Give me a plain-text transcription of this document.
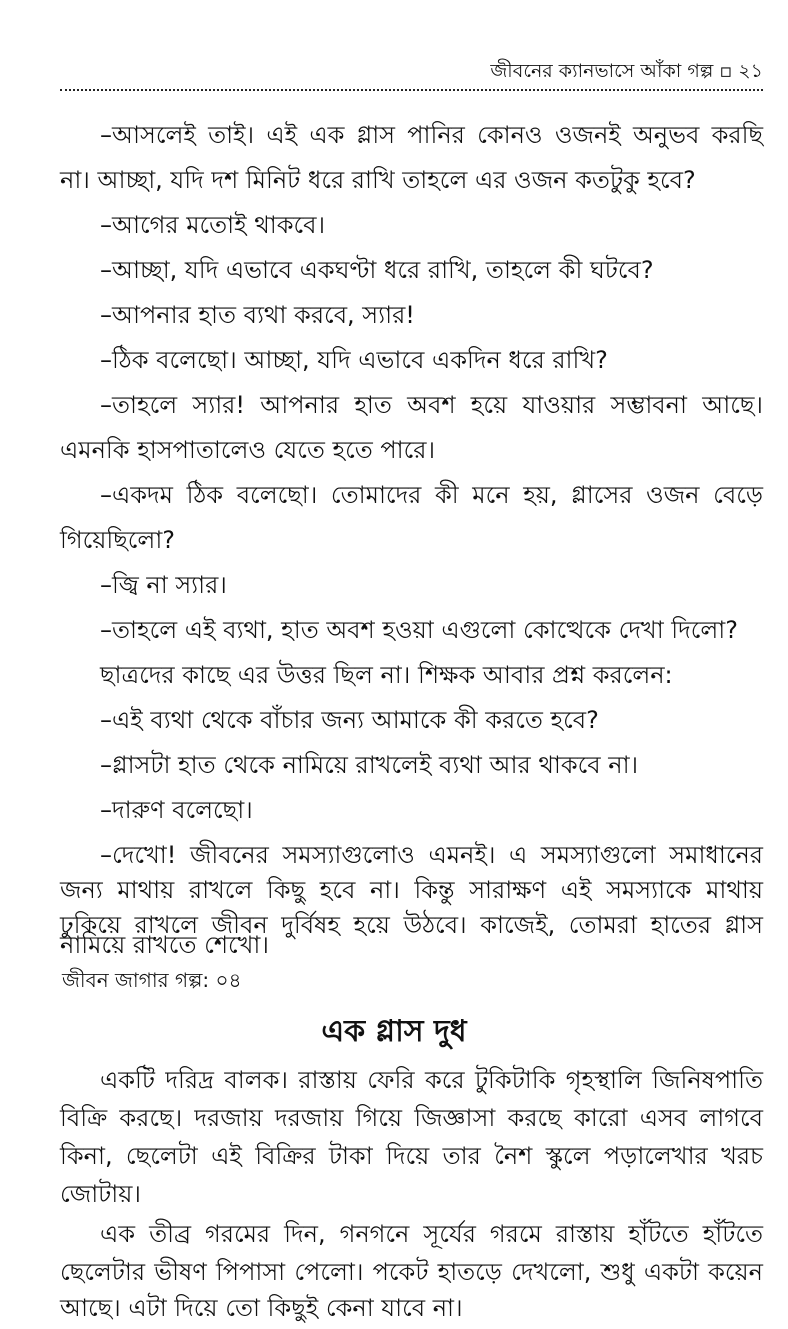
জীবনের ক্যানভাসে আঁকা গল্প ▫ ২১
–আসলেই তাই। এই এক গ্লাস পানির কোনও ওজনই অনুভব করছি
না। আচ্ছা, যদি দশ মিনিট ধরে রাখি তাহলে এর ওজন কতটুকু হবে?
–আগের মতোই থাকবে।
–আচ্ছা, যদি এভাবে একঘণ্টা ধরে রাখি, তাহলে কী ঘটবে?
–আপনার হাত ব্যথা করবে, স্যার!
–ঠিক বলেছো। আচ্ছা, যদি এভাবে একদিন ধরে রাখি?
–তাহলে স্যার! আপনার হাত অবশ হয়ে যাওয়ার সম্ভাবনা আছে।
এমনকি হাসপাতালেও যেতে হতে পারে।
–একদম ঠিক বলেছো। তোমাদের কী মনে হয়, গ্লাসের ওজন বেড়ে
গিয়েছিলো?
–জ্বি না স্যার।
–তাহলে এই ব্যথা, হাত অবশ হওয়া এগুলো কোত্থেকে দেখা দিলো?
ছাত্রদের কাছে এর উত্তর ছিল না। শিক্ষক আবার প্রশ্ন করলেন:
–এই ব্যথা থেকে বাঁচার জন্য আমাকে কী করতে হবে?
–গ্লাসটা হাত থেকে নামিয়ে রাখলেই ব্যথা আর থাকবে না।
–দারুণ বলেছো।
–দেখো! জীবনের সমস্যাগুলোও এমনই। এ সমস্যাগুলো সমাধানের
জন্য মাথায় রাখলে কিছু হবে না। কিন্তু সারাক্ষণ এই সমস্যাকে মাথায়
ঢুকিয়ে রাখলে জীবন দুর্বিষহ হয়ে উঠবে। কাজেই, তোমরা হাতের গ্লাস
নামিয়ে রাখতে শেখো।
জীবন জাগার গল্প: ০৪
এক গ্লাস দুধ
একটি দরিদ্র বালক। রাস্তায় ফেরি করে টুকিটাকি গৃহস্থালি জিনিষপাতি
বিক্রি করছে। দরজায় দরজায় গিয়ে জিজ্ঞাসা করছে কারো এসব লাগবে
কিনা, ছেলেটা এই বিক্রির টাকা দিয়ে তার নৈশ স্কুলে পড়ালেখার খরচ
জোটায়।
এক তীব্র গরমের দিন, গনগনে সূর্যের গরমে রাস্তায় হাঁটতে হাঁটতে
ছেলেটার ভীষণ পিপাসা পেলো। পকেট হাতড়ে দেখলো, শুধু একটা কয়েন
আছে। এটা দিয়ে তো কিছুই কেনা যাবে না।
